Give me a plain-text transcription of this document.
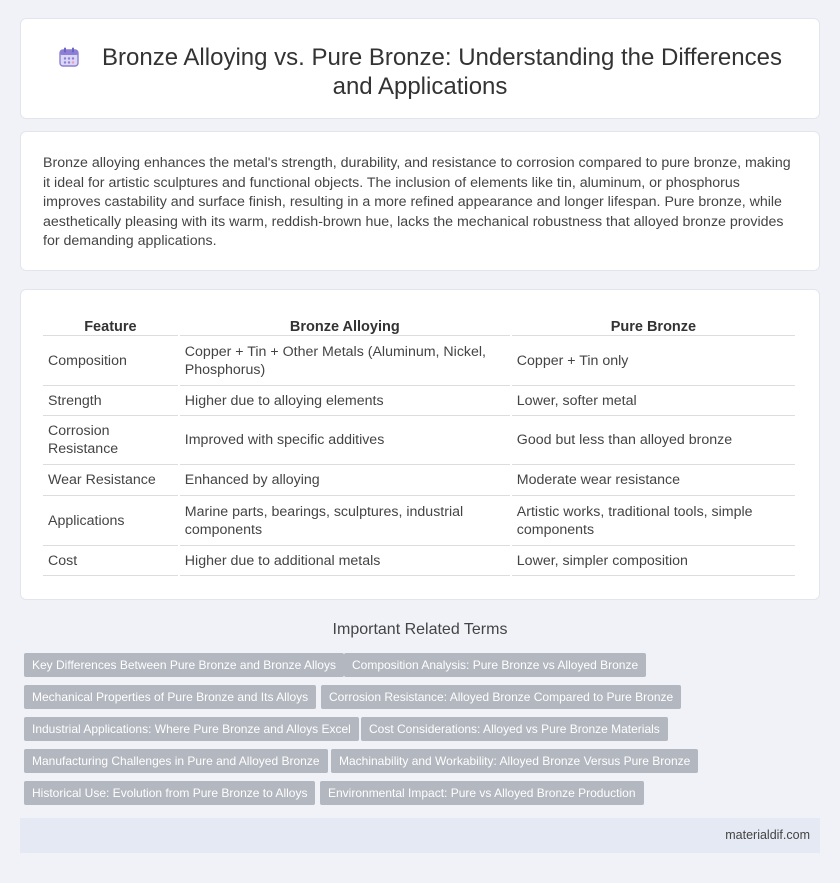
Bronze Alloying vs. Pure Bronze: Understanding the Differences
and Applications

Bronze alloying enhances the metal's strength, durability, and resistance to corrosion compared to pure bronze, making it ideal for artistic sculptures and functional objects. The inclusion of elements like tin, aluminum, or phosphorus improves castability and surface finish, resulting in a more refined appearance and longer lifespan. Pure bronze, while aesthetically pleasing with its warm, reddish-brown hue, lacks the mechanical robustness that alloyed bronze provides for demanding applications.

Feature	Bronze Alloying	Pure Bronze
Composition	Copper + Tin + Other Metals (Aluminum, Nickel, Phosphorus)	Copper + Tin only
Strength	Higher due to alloying elements	Lower, softer metal
Corrosion Resistance	Improved with specific additives	Good but less than alloyed bronze
Wear Resistance	Enhanced by alloying	Moderate wear resistance
Applications	Marine parts, bearings, sculptures, industrial components	Artistic works, traditional tools, simple components
Cost	Higher due to additional metals	Lower, simpler composition
Important Related Terms
Key Differences Between Pure Bronze and Bronze Alloys	Composition Analysis: Pure Bronze vs Alloyed Bronze
Mechanical Properties of Pure Bronze and Its Alloys	Corrosion Resistance: Alloyed Bronze Compared to Pure Bronze
Industrial Applications: Where Pure Bronze and Alloys Excel	Cost Considerations: Alloyed vs Pure Bronze Materials
Manufacturing Challenges in Pure and Alloyed Bronze	Machinability and Workability: Alloyed Bronze Versus Pure Bronze
Historical Use: Evolution from Pure Bronze to Alloys	Environmental Impact: Pure vs Alloyed Bronze Production
materialdif.com
